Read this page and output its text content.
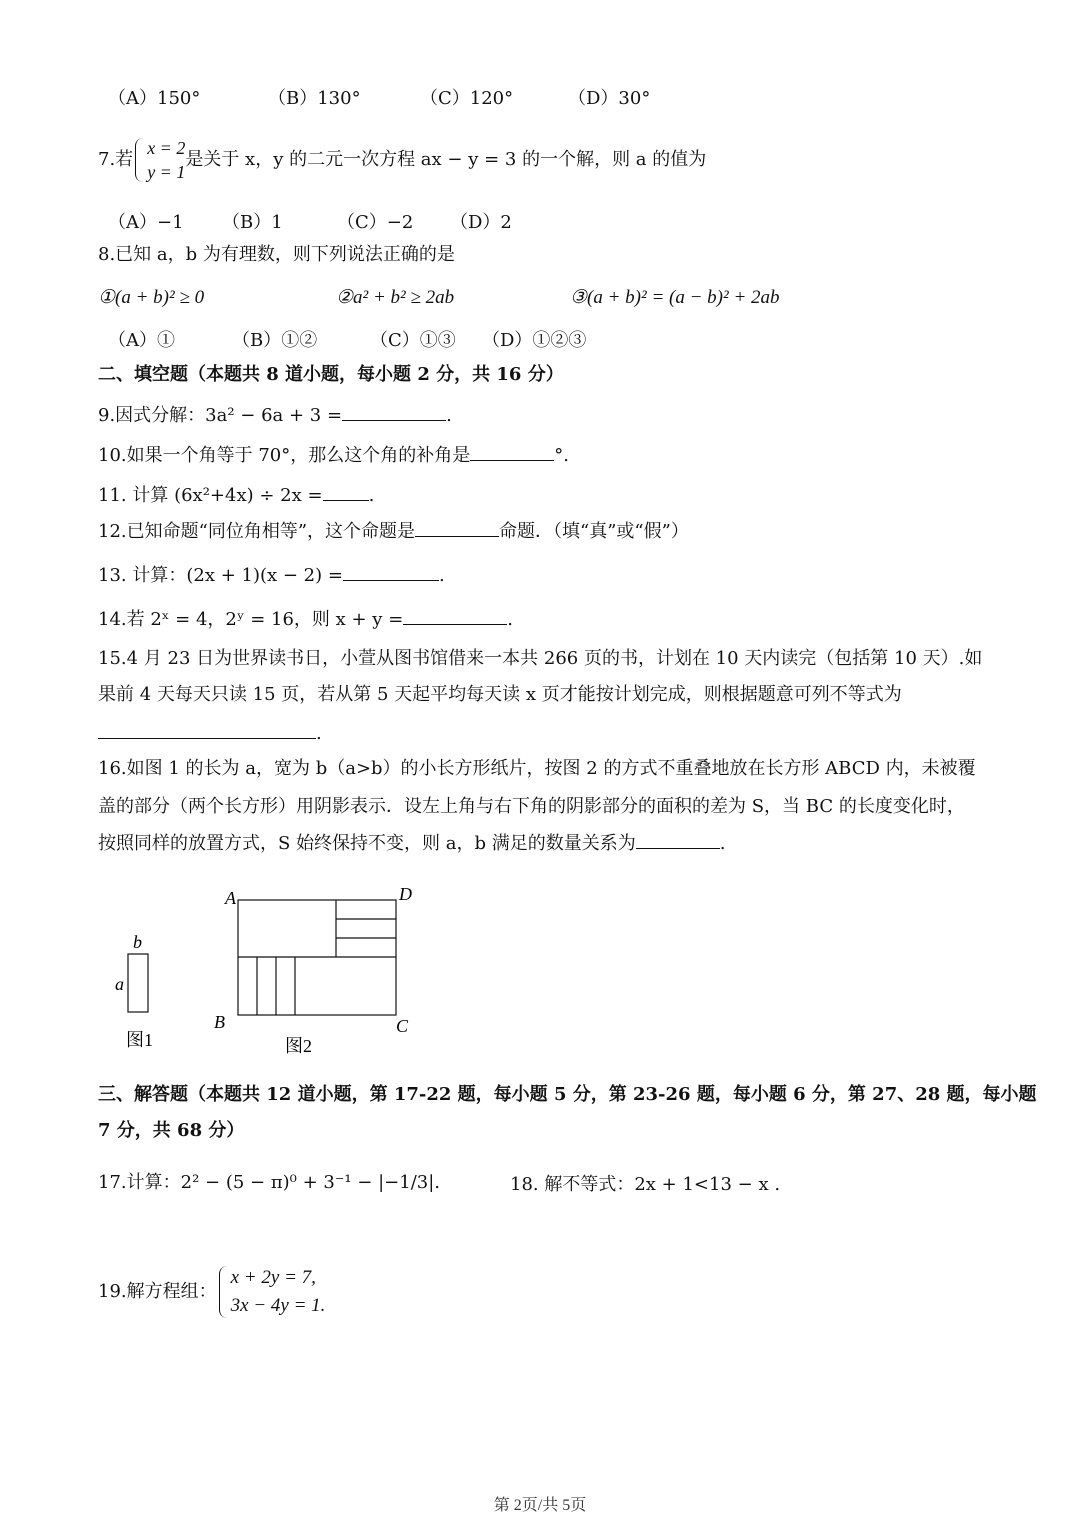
（A）150°	（B）130°	（C）120°	（D）30°
7.若x = 2
y = 1是关于 x，y 的二元一次方程 ax − y = 3 的一个解，则 a 的值为
（A）−1 （B）1	（C）−2 （D）2
8.已知 a，b 为有理数，则下列说法正确的是
①(a + b)² ≥ 0	②a² + b² ≥ 2ab	③(a + b)² = (a − b)² + 2ab
（A）①	（B）①②	（C）①③ （D）①②③
二、填空题（本题共 8 道小题，每小题 2 分，共 16 分）
9.因式分解：3a² − 6a + 3 =	.
10.如果一个角等于 70°，那么这个角的补角是	°.
11. 计算 (6x²+4x) ÷ 2x =	.
12.已知命题“同位角相等”，这个命题是	命题．（填“真”或“假”）
13. 计算：(2x + 1)(x − 2) =	.
14.若 2ˣ = 4，2ʸ = 16，则 x + y =	.
15.4 月 23 日为世界读书日，小萱从图书馆借来一本共 266 页的书，计划在 10 天内读完（包括第 10 天）.如
果前 4 天每天只读 15 页，若从第 5 天起平均每天读 x 页才能按计划完成，则根据题意可列不等式为
.
16.如图 1 的长为 a，宽为 b（a>b）的小长方形纸片，按图 2 的方式不重叠地放在长方形 ABCD 内，未被覆
盖的部分（两个长方形）用阴影表示．设左上角与右下角的阴影部分的面积的差为 S，当 BC 的长度变化时，
按照同样的放置方式，S 始终保持不变，则 a，b 满足的数量关系为	.
b
a
图1
A	D
B	C
图2
三、解答题（本题共 12 道小题，第 17-22 题，每小题 5 分，第 23-26 题，每小题 6 分，第 27、28 题，每小题
7 分，共 68 分）
17.计算：2² − (5 − π)⁰ + 3⁻¹ − |−1/3|.	18. 解不等式：2x + 1<13 − x .
19.解方程组：x + 2y = 7,
3x − 4y = 1.
第 2页/共 5页
